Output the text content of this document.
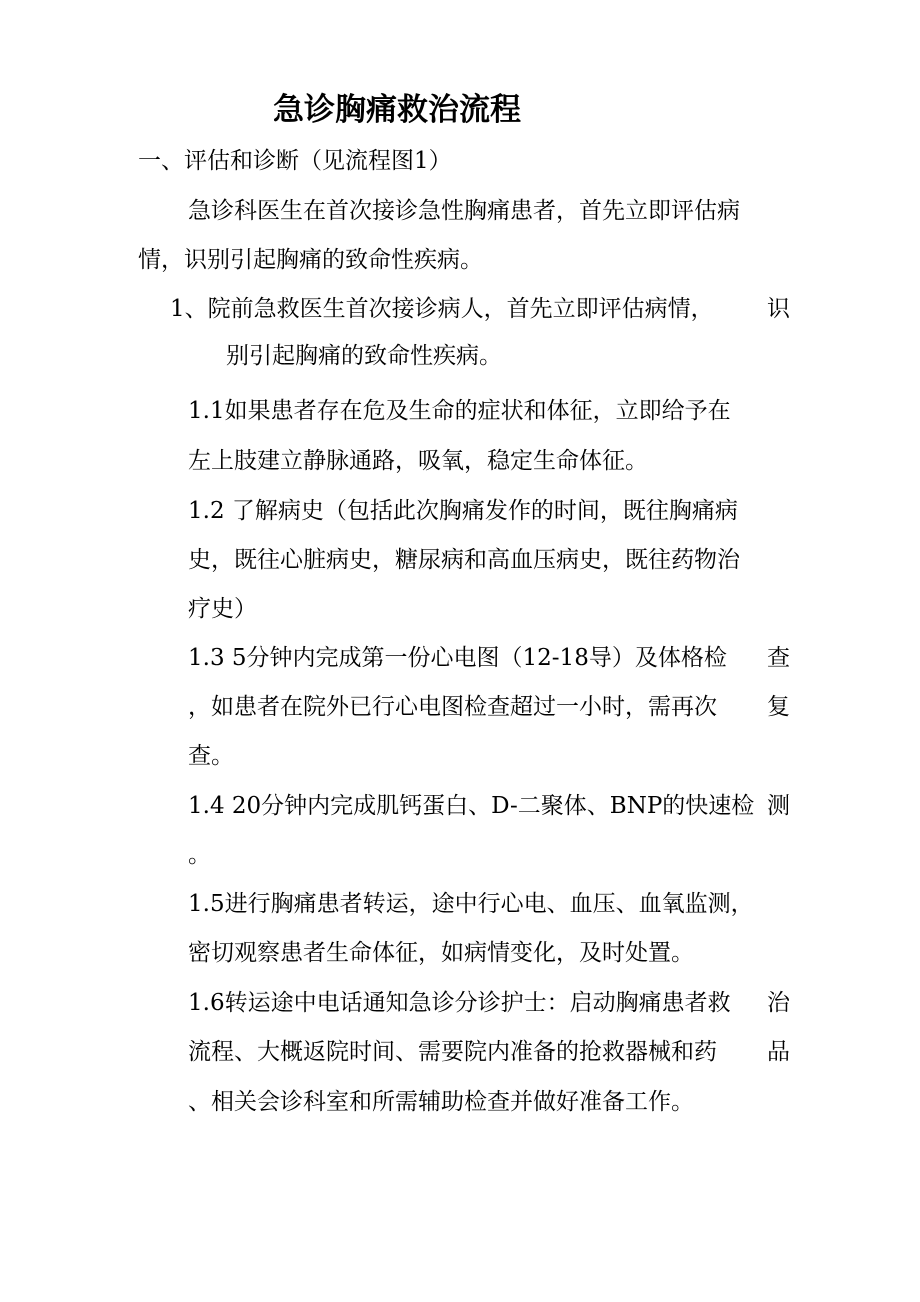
急诊胸痛救治流程
一、评估和诊断（见流程图1）
急诊科医生在首次接诊急性胸痛患者，首先立即评估病
情，识别引起胸痛的致命性疾病。
1、院前急救医生首次接诊病人，首先立即评估病情， 识
别引起胸痛的致命性疾病。
1.1如果患者存在危及生命的症状和体征，立即给予在
左上肢建立静脉通路，吸氧，稳定生命体征。
1.2 了解病史（包括此次胸痛发作的时间，既往胸痛病
史，既往心脏病史，糖尿病和高血压病史，既往药物治
疗史）
1.3 5分钟内完成第一份心电图（12-18导）及体格检 查
，如患者在院外已行心电图检查超过一小时，需再次 复
查。
1.4 20分钟内完成肌钙蛋白、D-二聚体、BNP的快速检 测
。
1.5进行胸痛患者转运，途中行心电、血压、血氧监测，
密切观察患者生命体征，如病情变化，及时处置。
1.6转运途中电话通知急诊分诊护士：启动胸痛患者救 治
流程、大概返院时间、需要院内准备的抢救器械和药 品
、相关会诊科室和所需辅助检查并做好准备工作。
